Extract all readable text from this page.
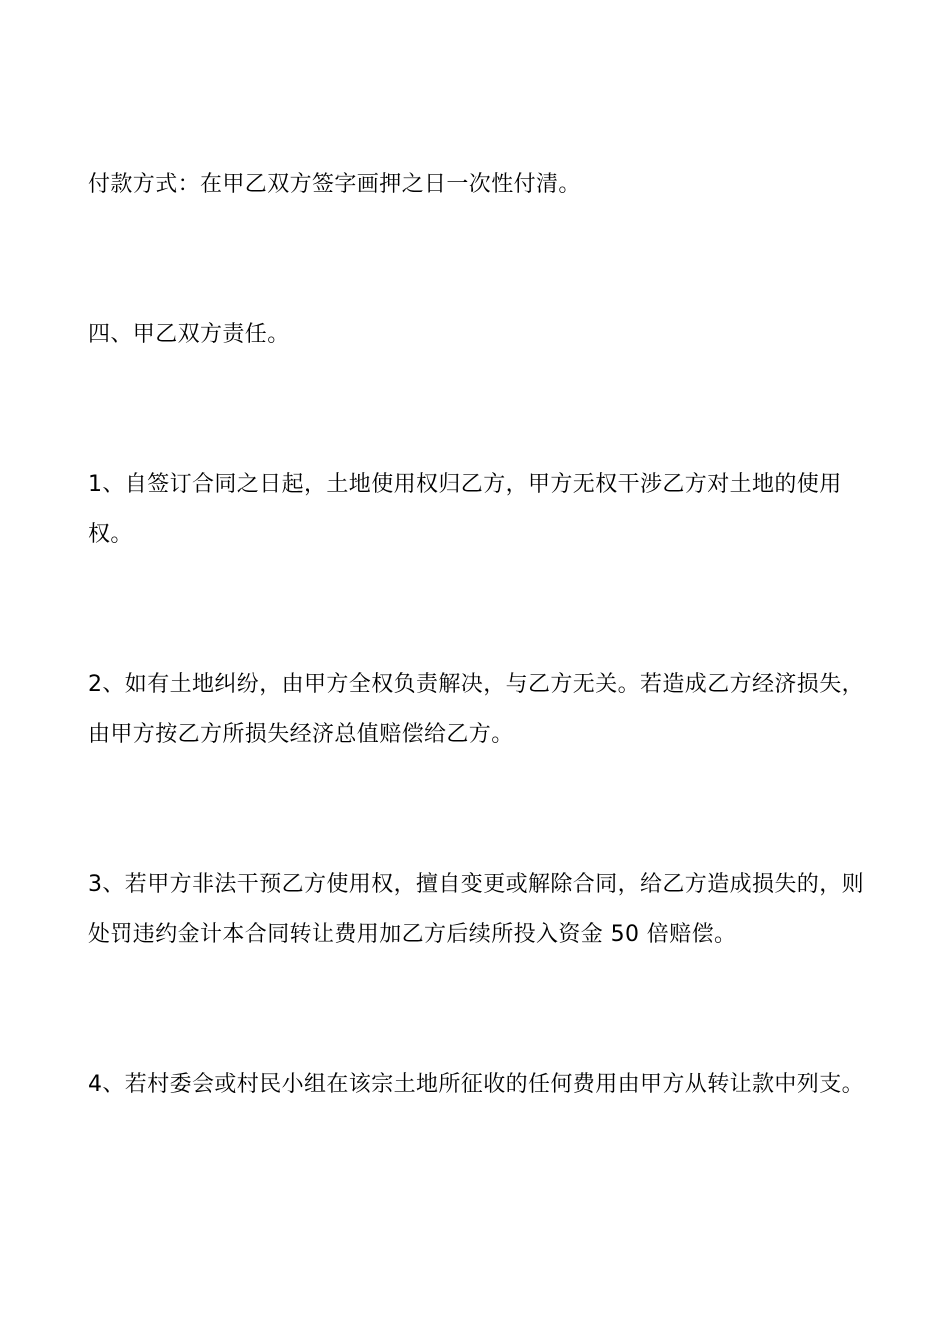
付款方式：在甲乙双方签字画押之日一次性付清。

四、甲乙双方责任。

1、自签订合同之日起，土地使用权归乙方，甲方无权干涉乙方对土地的使用权。

2、如有土地纠纷，由甲方全权负责解决，与乙方无关。若造成乙方经济损失，由甲方按乙方所损失经济总值赔偿给乙方。

3、若甲方非法干预乙方使用权，擅自变更或解除合同，给乙方造成损失的，则处罚违约金计本合同转让费用加乙方后续所投入资金 50 倍赔偿。

4、若村委会或村民小组在该宗土地所征收的任何费用由甲方从转让款中列支。
